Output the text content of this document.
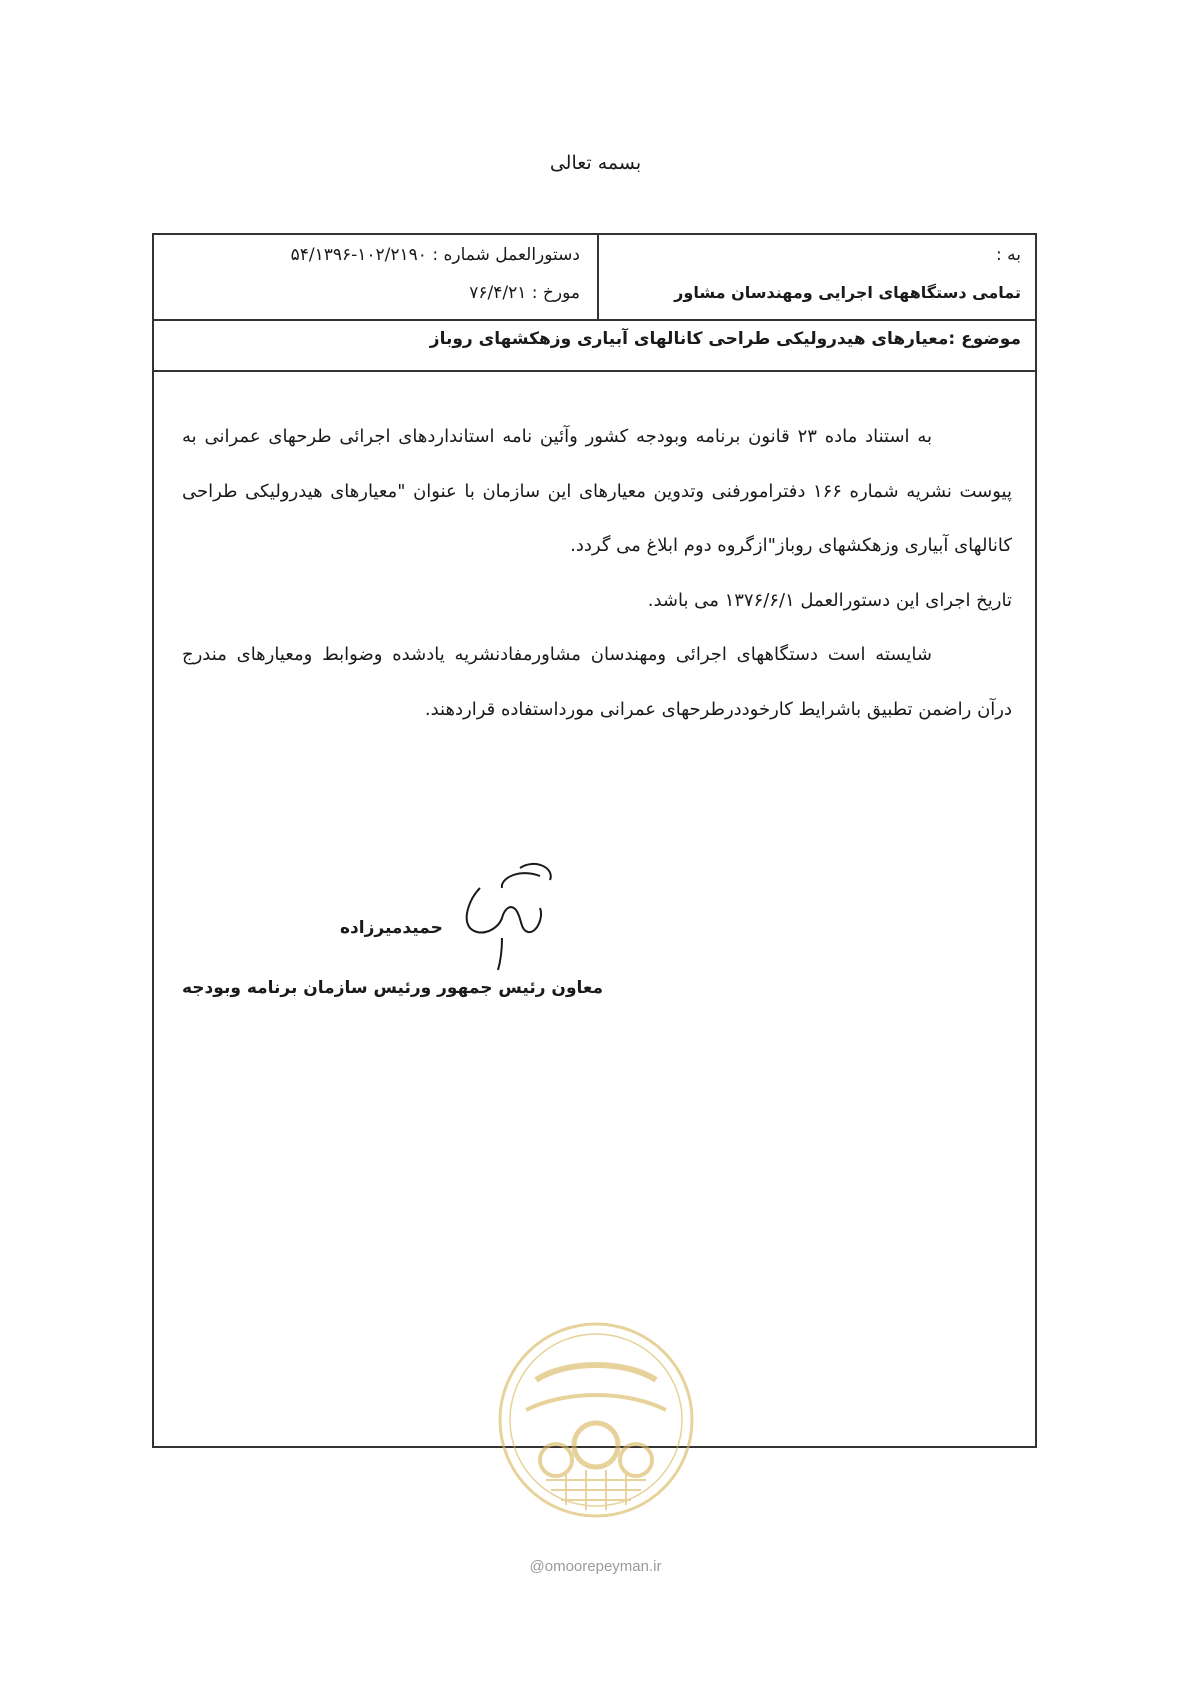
بسمه تعالی
به :
تمامی دستگاههای اجرایی ومهندسان مشاور
دستورالعمل شماره : ۱۰۲/۲۱۹۰-۵۴/۱۳۹۶
مورخ : ۷۶/۴/۲۱
موضوع :معیارهای هیدرولیکی طراحی کانالهای آبیاری وزهکشهای روباز

به استناد ماده ۲۳ قانون برنامه وبودجه کشور وآئین نامه استانداردهای اجرائی طرحهای عمرانی به پیوست نشریه شماره ۱۶۶ دفترامورفنی وتدوین معیارهای این سازمان با عنوان "معیارهای هیدرولیکی طراحی کانالهای آبیاری وزهکشهای روباز"ازگروه دوم ابلاغ می گردد.

تاریخ اجرای این دستورالعمل ۱۳۷۶/۶/۱ می باشد.

شایسته است دستگاههای اجرائی ومهندسان مشاورمفادنشریه یادشده وضوابط ومعیارهای مندرج درآن راضمن تطبیق باشرایط کارخوددرطرحهای عمرانی مورداستفاده قراردهند.

حمیدمیرزاده
معاون رئیس جمهور ورئیس سازمان برنامه وبودجه
@omoorepeyman.ir
